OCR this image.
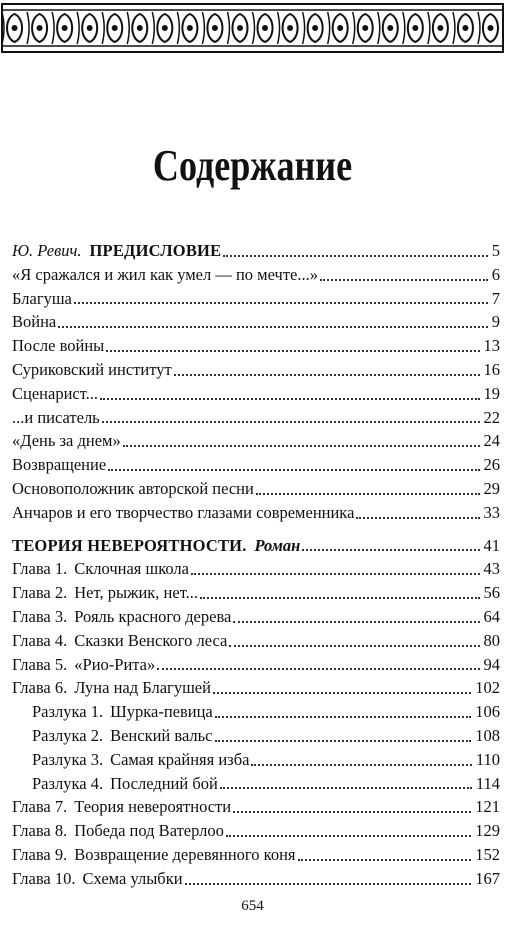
Содержание
Ю. Ревич. ПРЕДИСЛОВИЕ	5
«Я сражался и жил как умел — по мечте...»	6
Благуша	7
Война	9
После войны	13
Суриковский институт	16
Сценарист...	19
...и писатель	22
«День за днем»	24
Возвращение	26
Основоположник авторской песни	29
Анчаров и его творчество глазами современника	33
ТЕОРИЯ НЕВЕРОЯТНОСТИ. Роман	41
Глава 1. Склочная школа	43
Глава 2. Нет, рыжик, нет...	56
Глава 3. Рояль красного дерева	64
Глава 4. Сказки Венского леса	80
Глава 5. «Рио-Рита»	94
Глава 6. Луна над Благушей	102
Разлука 1. Шурка-певица	106
Разлука 2. Венский вальс	108
Разлука 3. Самая крайняя изба	110
Разлука 4. Последний бой	114
Глава 7. Теория невероятности	121
Глава 8. Победа под Ватерлоо	129
Глава 9. Возвращение деревянного коня	152
Глава 10. Схема улыбки	167
654
